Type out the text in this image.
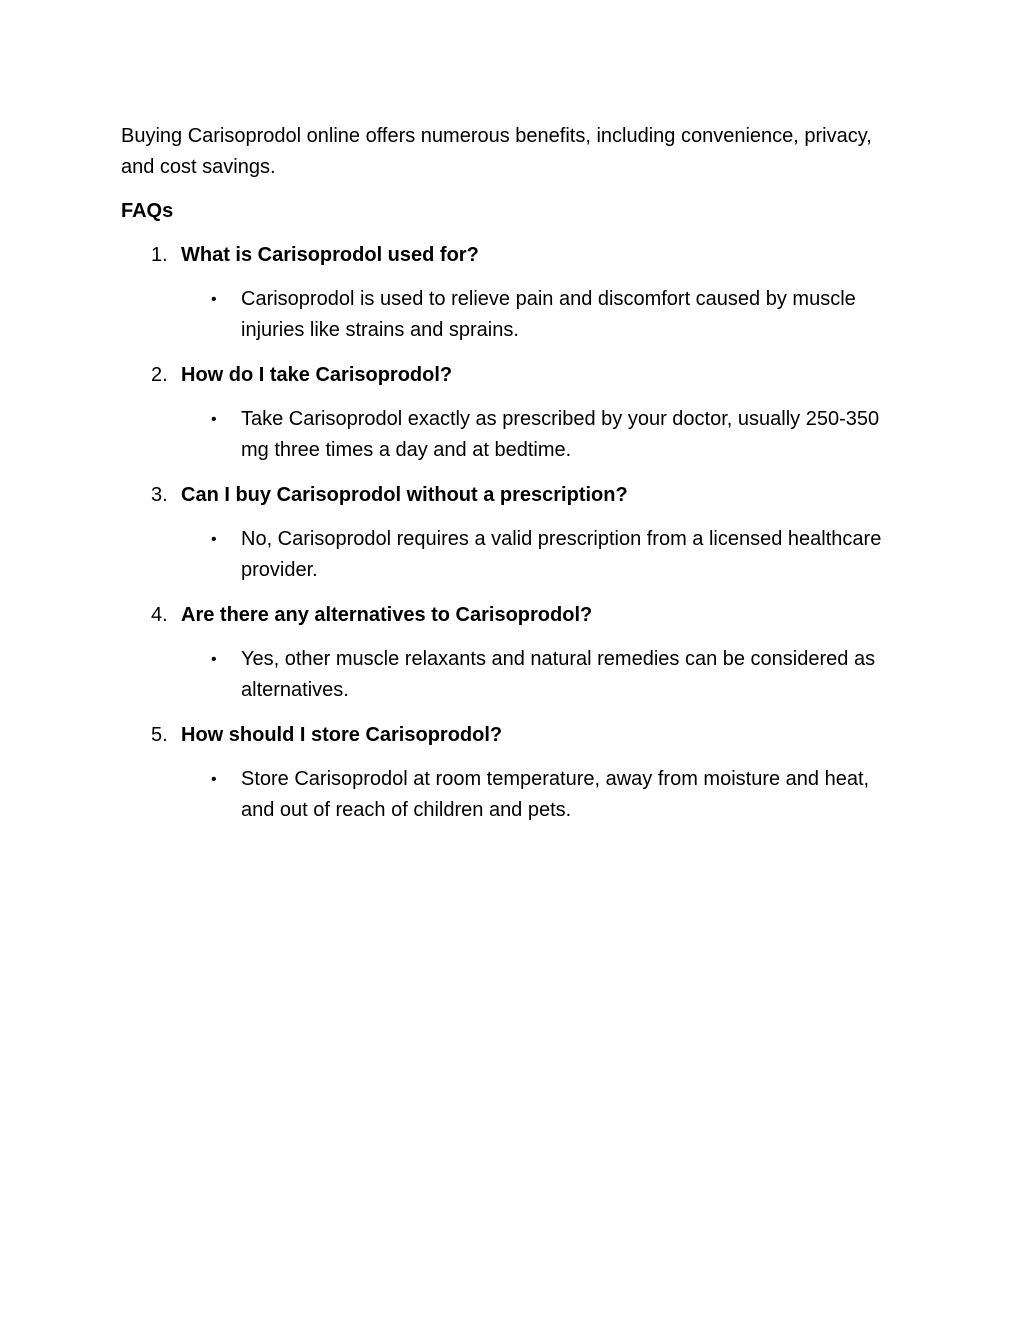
Buying Carisoprodol online offers numerous benefits, including convenience, privacy, and cost savings.

FAQs

1. What is Carisoprodol used for?
•	Carisoprodol is used to relieve pain and discomfort caused by muscle injuries like strains and sprains.
2. How do I take Carisoprodol?
•	Take Carisoprodol exactly as prescribed by your doctor, usually 250-350 mg three times a day and at bedtime.
3. Can I buy Carisoprodol without a prescription?
•	No, Carisoprodol requires a valid prescription from a licensed healthcare provider.
4. Are there any alternatives to Carisoprodol?
•	Yes, other muscle relaxants and natural remedies can be considered as alternatives.
5. How should I store Carisoprodol?
•	Store Carisoprodol at room temperature, away from moisture and heat, and out of reach of children and pets.
